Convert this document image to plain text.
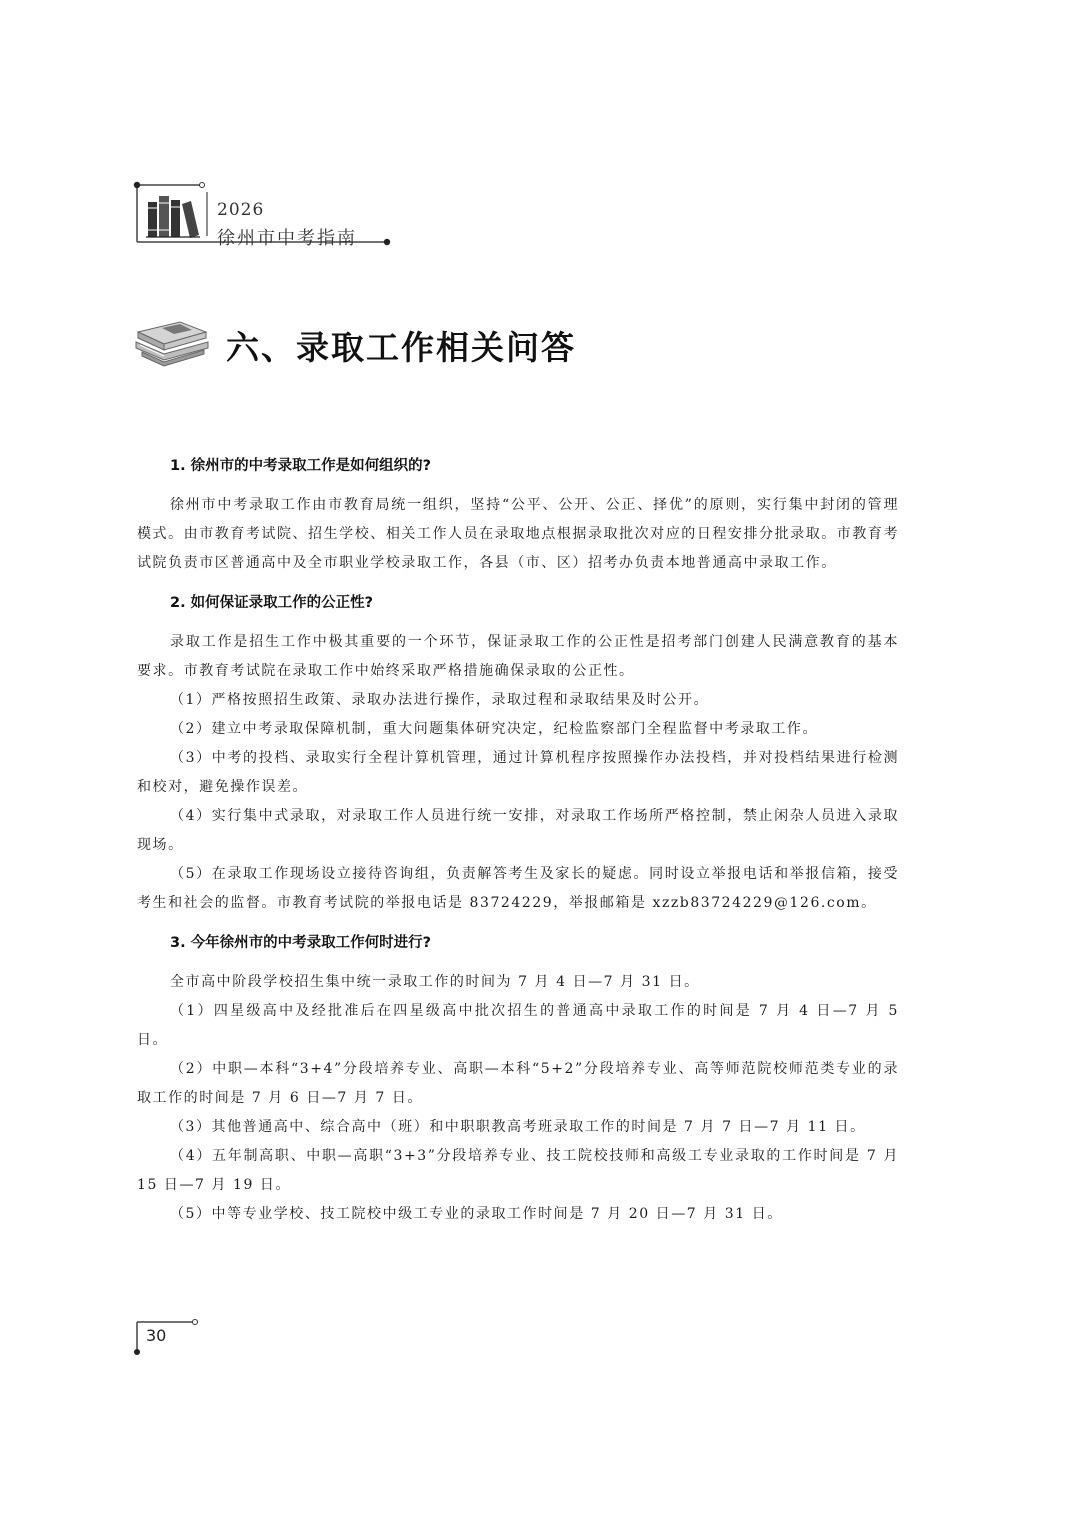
2026
徐州市中考指南
六、录取工作相关问答
1. 徐州市的中考录取工作是如何组织的?

徐州市中考录取工作由市教育局统一组织，坚持“公平、公开、公正、择优”的原则，实行集中封闭的管理模式。由市教育考试院、招生学校、相关工作人员在录取地点根据录取批次对应的日程安排分批录取。市教育考试院负责市区普通高中及全市职业学校录取工作，各县（市、区）招考办负责本地普通高中录取工作。

2. 如何保证录取工作的公正性?

录取工作是招生工作中极其重要的一个环节，保证录取工作的公正性是招考部门创建人民满意教育的基本要求。市教育考试院在录取工作中始终采取严格措施确保录取的公正性。

（1）严格按照招生政策、录取办法进行操作，录取过程和录取结果及时公开。

（2）建立中考录取保障机制，重大问题集体研究决定，纪检监察部门全程监督中考录取工作。

（3）中考的投档、录取实行全程计算机管理，通过计算机程序按照操作办法投档，并对投档结果进行检测和校对，避免操作误差。

（4）实行集中式录取，对录取工作人员进行统一安排，对录取工作场所严格控制，禁止闲杂人员进入录取现场。

（5）在录取工作现场设立接待咨询组，负责解答考生及家长的疑虑。同时设立举报电话和举报信箱，接受考生和社会的监督。市教育考试院的举报电话是 83724229，举报邮箱是 xzzb83724229@126.com。

3. 今年徐州市的中考录取工作何时进行?

全市高中阶段学校招生集中统一录取工作的时间为 7 月 4 日—7 月 31 日。

（1）四星级高中及经批准后在四星级高中批次招生的普通高中录取工作的时间是 7 月 4 日—7 月 5 日。

（2）中职—本科“3+4”分段培养专业、高职—本科“5+2”分段培养专业、高等师范院校师范类专业的录取工作的时间是 7 月 6 日—7 月 7 日。

（3）其他普通高中、综合高中（班）和中职职教高考班录取工作的时间是 7 月 7 日—7 月 11 日。

（4）五年制高职、中职—高职“3+3”分段培养专业、技工院校技师和高级工专业录取的工作时间是 7 月 15 日—7 月 19 日。

（5）中等专业学校、技工院校中级工专业的录取工作时间是 7 月 20 日—7 月 31 日。

30
